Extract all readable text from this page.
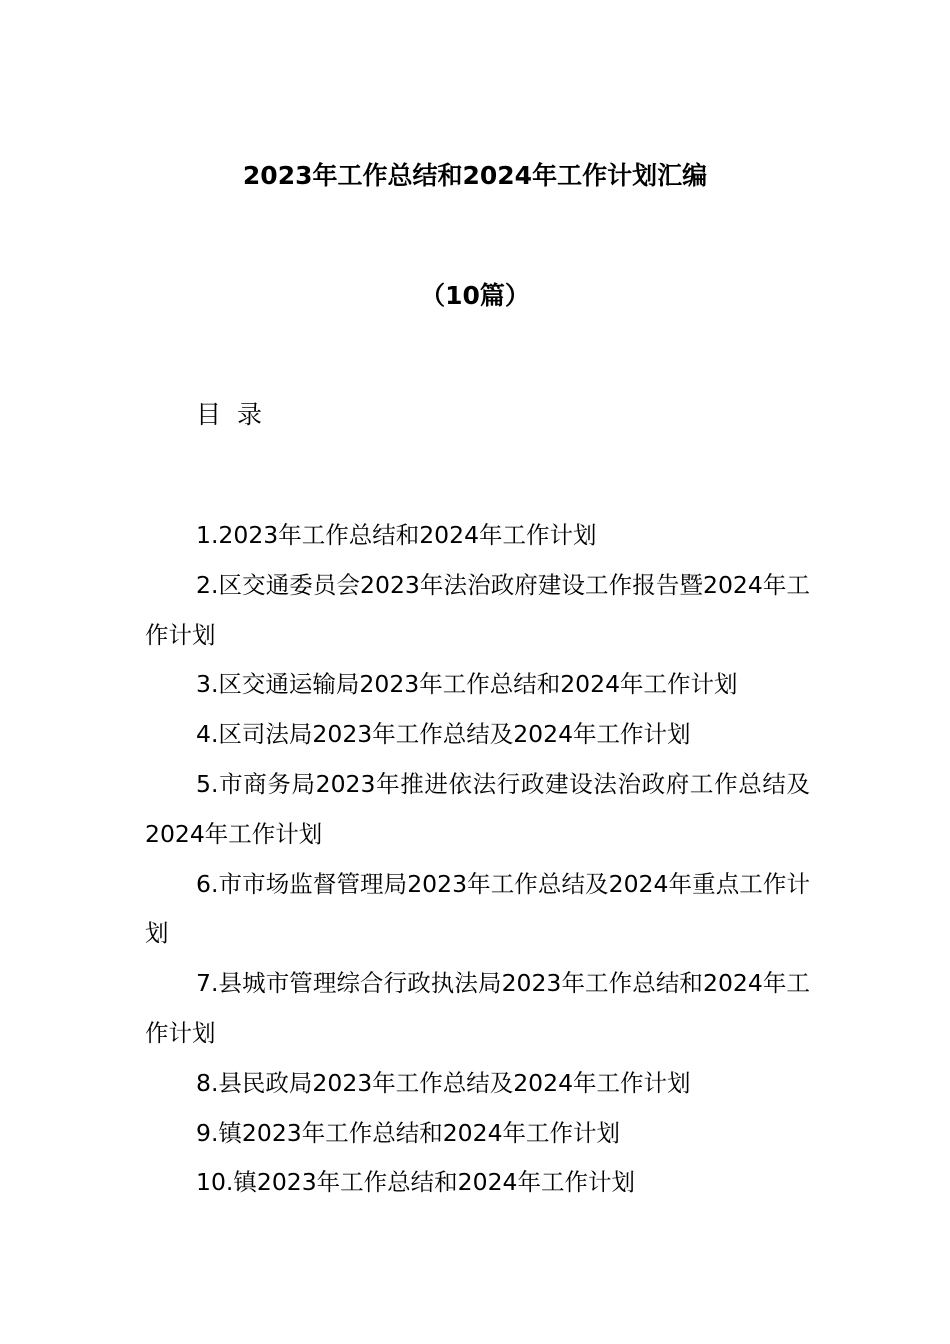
2023年工作总结和2024年工作计划汇编
（10篇）
目 录
1.2023年工作总结和2024年工作计划
2.区交通委员会2023年法治政府建设工作报告暨2024年工作计划
3.区交通运输局2023年工作总结和2024年工作计划
4.区司法局2023年工作总结及2024年工作计划
5.市商务局2023年推进依法行政建设法治政府工作总结及2024年工作计划
6.市市场监督管理局2023年工作总结及2024年重点工作计划
7.县城市管理综合行政执法局2023年工作总结和2024年工作计划
8.县民政局2023年工作总结及2024年工作计划
9.镇2023年工作总结和2024年工作计划
10.镇2023年工作总结和2024年工作计划
